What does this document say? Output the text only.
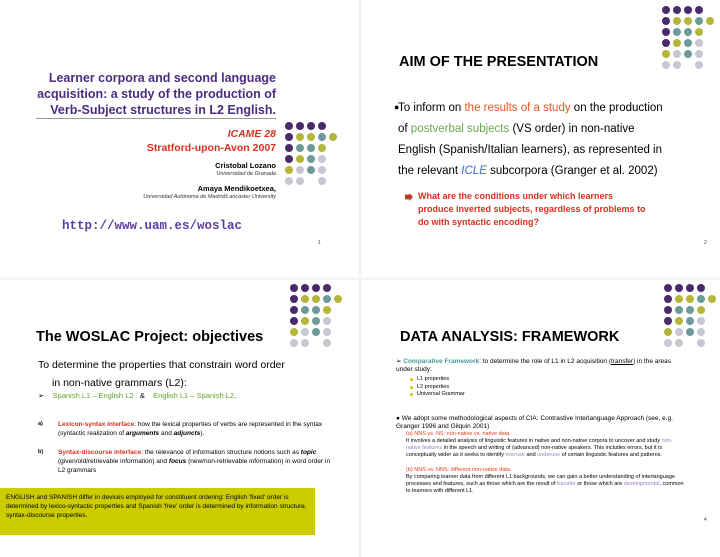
Learner corpora and second language acquisition: a study of the production of Verb-Subject structures in L2 English.
ICAME 28
Stratford-upon-Avon 2007
Cristobal Lozano
Universidad de Granada
Amaya Mendikoetxea,
Universidad Autónoma de Madrid/Lancaster University
http://www.uam.es/woslac
1
AIM OF THE PRESENTATION
●
To inform on the results of a study on the production of postverbal subjects (VS order) in non-native English (Spanish/Italian learners), as represented in the relevant ICLE subcorpora (Granger et al. 2002)
What are the conditions under which learners produce inverted subjects, regardless of problems to do with syntactic encoding?
2
The WOSLAC Project: objectives
To determine the properties that constrain word order
in non-native grammars (L2):
➢ Spanish L1 – English L2 & English L1 – Spanish L2.
a)	Lexicon-syntax interface: how the lexical properties of verbs are represented in the syntax (syntactic realization of arguments and adjuncts).
b)	Syntax-discourse interface: the relevance of information structure notions such as topic (given/old/retrievable information) and focus (new/non-retrievable information) in word order in L2 grammars
ENGLISH and SPANISH differ in devices employed for constituent ordering: English 'fixed' order is determined by lexico-syntactic properties and Spanish 'free' order is determined by information structure, syntax-discourse properties.
DATA ANALYSIS: FRAMEWORK
➢ Comparative Framework: to determine the role of L1 in L2 acquisition (transfer) in the areas under study:
L1 properties
L2 properties
Universal Grammar
● We adopt some methodological aspects of CIA: Contrastive Interlanguage Approach (see, e.g. Granger 1996 and Gilquin 2001)
(a) NNS vs. NS: non-native vs. native data.
It involves a detailed analysis of linguistic features in native and non-native corpora to uncover and study non-native features in the speech and writing of (advanced) non-native speakers. This includes errors, but it is conceptually wider as it seeks to identify overuse and underuse of certain linguistic features and patterns.
(b) NNS vs. NNS: different non-native data.
By comparing learner data from different L1 backgrounds, we can gain a better understanding of interlanguage processes and features, such as those which are the result of transfer or those which are developmental, common to learners with different L1.
4
